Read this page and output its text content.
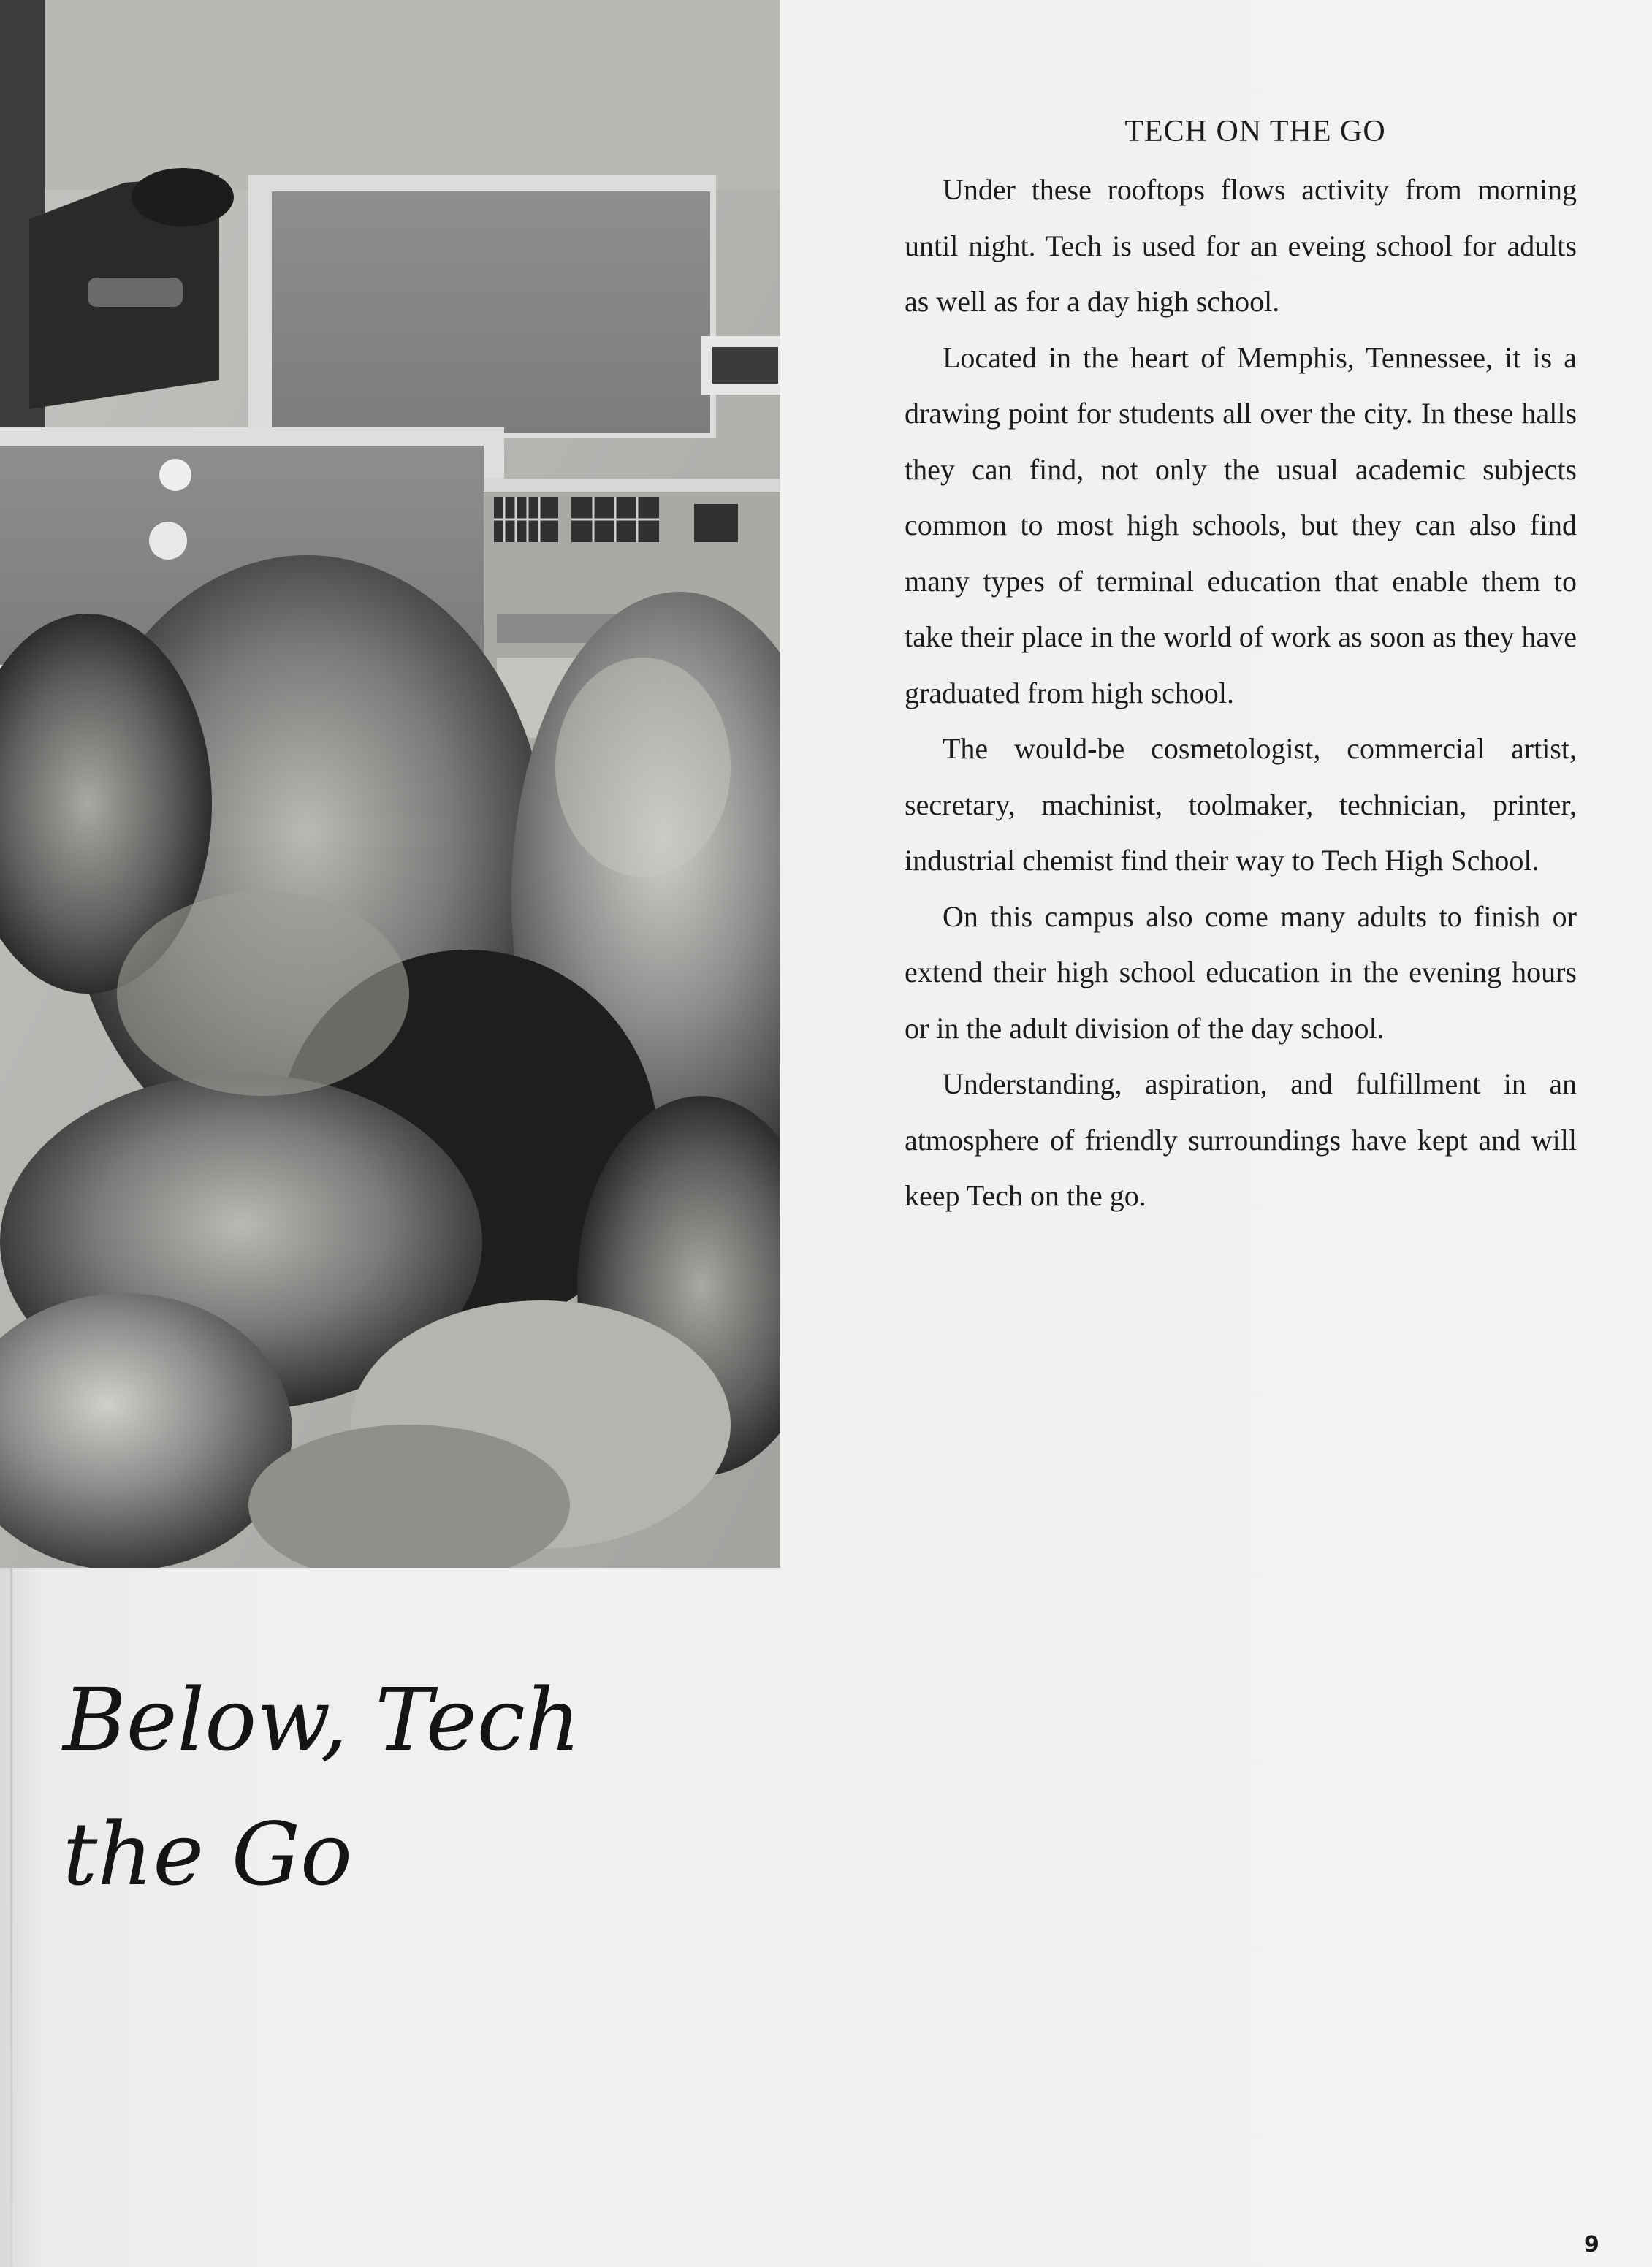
TECH ON THE GO

Under these rooftops flows activity from morning until night. Tech is used for an eveing school for adults as well as for a day high school.

Located in the heart of Memphis, Tennessee, it is a drawing point for students all over the city. In these halls they can find, not only the usual academic subjects common to most high schools, but they can also find many types of terminal education that enable them to take their place in the world of work as soon as they have graduated from high school.

The would-be cosmetologist, commercial artist, secretary, machinist, toolmaker, technician, printer, industrial chemist find their way to Tech High School.

On this campus also come many adults to finish or extend their high school education in the evening hours or in the adult division of the day school.

Understanding, aspiration, and fulfillment in an atmosphere of friendly surroundings have kept and will keep Tech on the go.

Below, Tech
the Go
9
